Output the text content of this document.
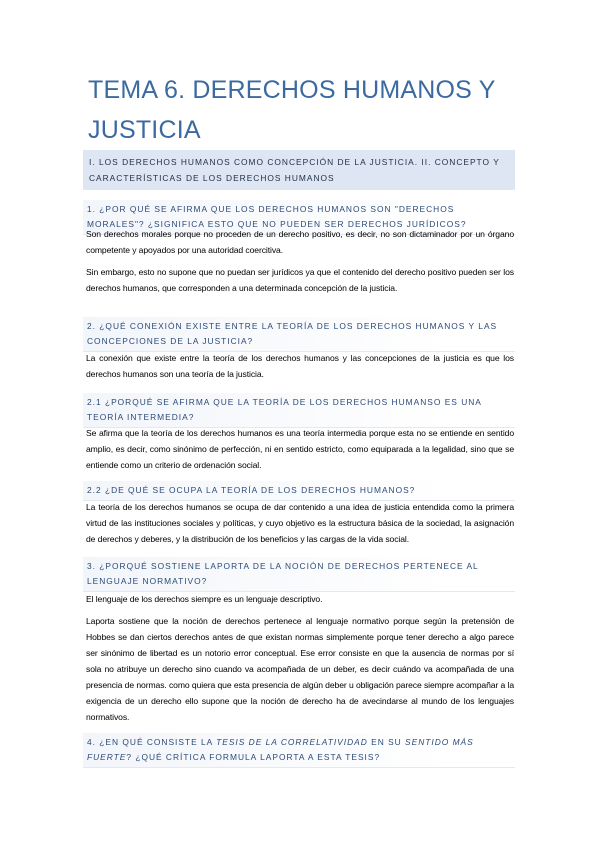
TEMA 6. DERECHOS HUMANOS Y JUSTICIA
I. LOS DERECHOS HUMANOS COMO CONCEPCIÓN DE LA JUSTICIA. II. CONCEPTO Y CARACTERÍSTICAS DE LOS DERECHOS HUMANOS
1. ¿POR QUÉ SE AFIRMA QUE LOS DERECHOS HUMANOS SON "DERECHOS MORALES"? ¿SIGNIFICA ESTO QUE NO PUEDEN SER DERECHOS JURÍDICOS?

Son derechos morales porque no proceden de un derecho positivo, es decir, no son dictaminador por un órgano competente y apoyados por una autoridad coercitiva.

Sin embargo, esto no supone que no puedan ser jurídicos ya que el contenido del derecho positivo pueden ser los derechos humanos, que corresponden a una determinada concepción de la justicia.

2. ¿QUÉ CONEXIÓN EXISTE ENTRE LA TEORÍA DE LOS DERECHOS HUMANOS Y LAS CONCEPCIONES DE LA JUSTICIA?

La conexión que existe entre la teoría de los derechos humanos y las concepciones de la justicia es que los derechos humanos son una teoría de la justicia.

2.1 ¿PORQUÉ SE AFIRMA QUE LA TEORÍA DE LOS DERECHOS HUMANSO ES UNA TEORÍA INTERMEDIA?

Se afirma que la teoría de los derechos humanos es una teoría intermedia porque esta no se entiende en sentido amplio, es decir, como sinónimo de perfección, ni en sentido estricto, como equiparada a la legalidad, sino que se entiende como un criterio de ordenación social.

2.2 ¿DE QUÉ SE OCUPA LA TEORÍA DE LOS DERECHOS HUMANOS?

La teoría de los derechos humanos se ocupa de dar contenido a una idea de justicia entendida como la primera virtud de las instituciones sociales y políticas, y cuyo objetivo es la estructura básica de la sociedad, la asignación de derechos y deberes, y la distribución de los beneficios y las cargas de la vida social.

3. ¿PORQUÉ SOSTIENE LAPORTA DE LA NOCIÓN DE DERECHOS PERTENECE AL LENGUAJE NORMATIVO?

El lenguaje de los derechos siempre es un lenguaje descriptivo.

Laporta sostiene que la noción de derechos pertenece al lenguaje normativo porque según la pretensión de Hobbes se dan ciertos derechos antes de que existan normas simplemente porque tener derecho a algo parece ser sinónimo de libertad es un notorio error conceptual. Ese error consiste en que la ausencia de normas por sí sola no atribuye un derecho sino cuando va acompañada de un deber, es decir cuándo va acompañada de una presencia de normas. como quiera que esta presencia de algún deber u obligación parece siempre acompañar a la exigencia de un derecho ello supone que la noción de derecho ha de avecindarse al mundo de los lenguajes normativos.

4. ¿EN QUÉ CONSISTE LA TESIS DE LA CORRELATIVIDAD EN SU SENTIDO MÁS FUERTE? ¿QUÉ CRÍTICA FORMULA LAPORTA A ESTA TESIS?
